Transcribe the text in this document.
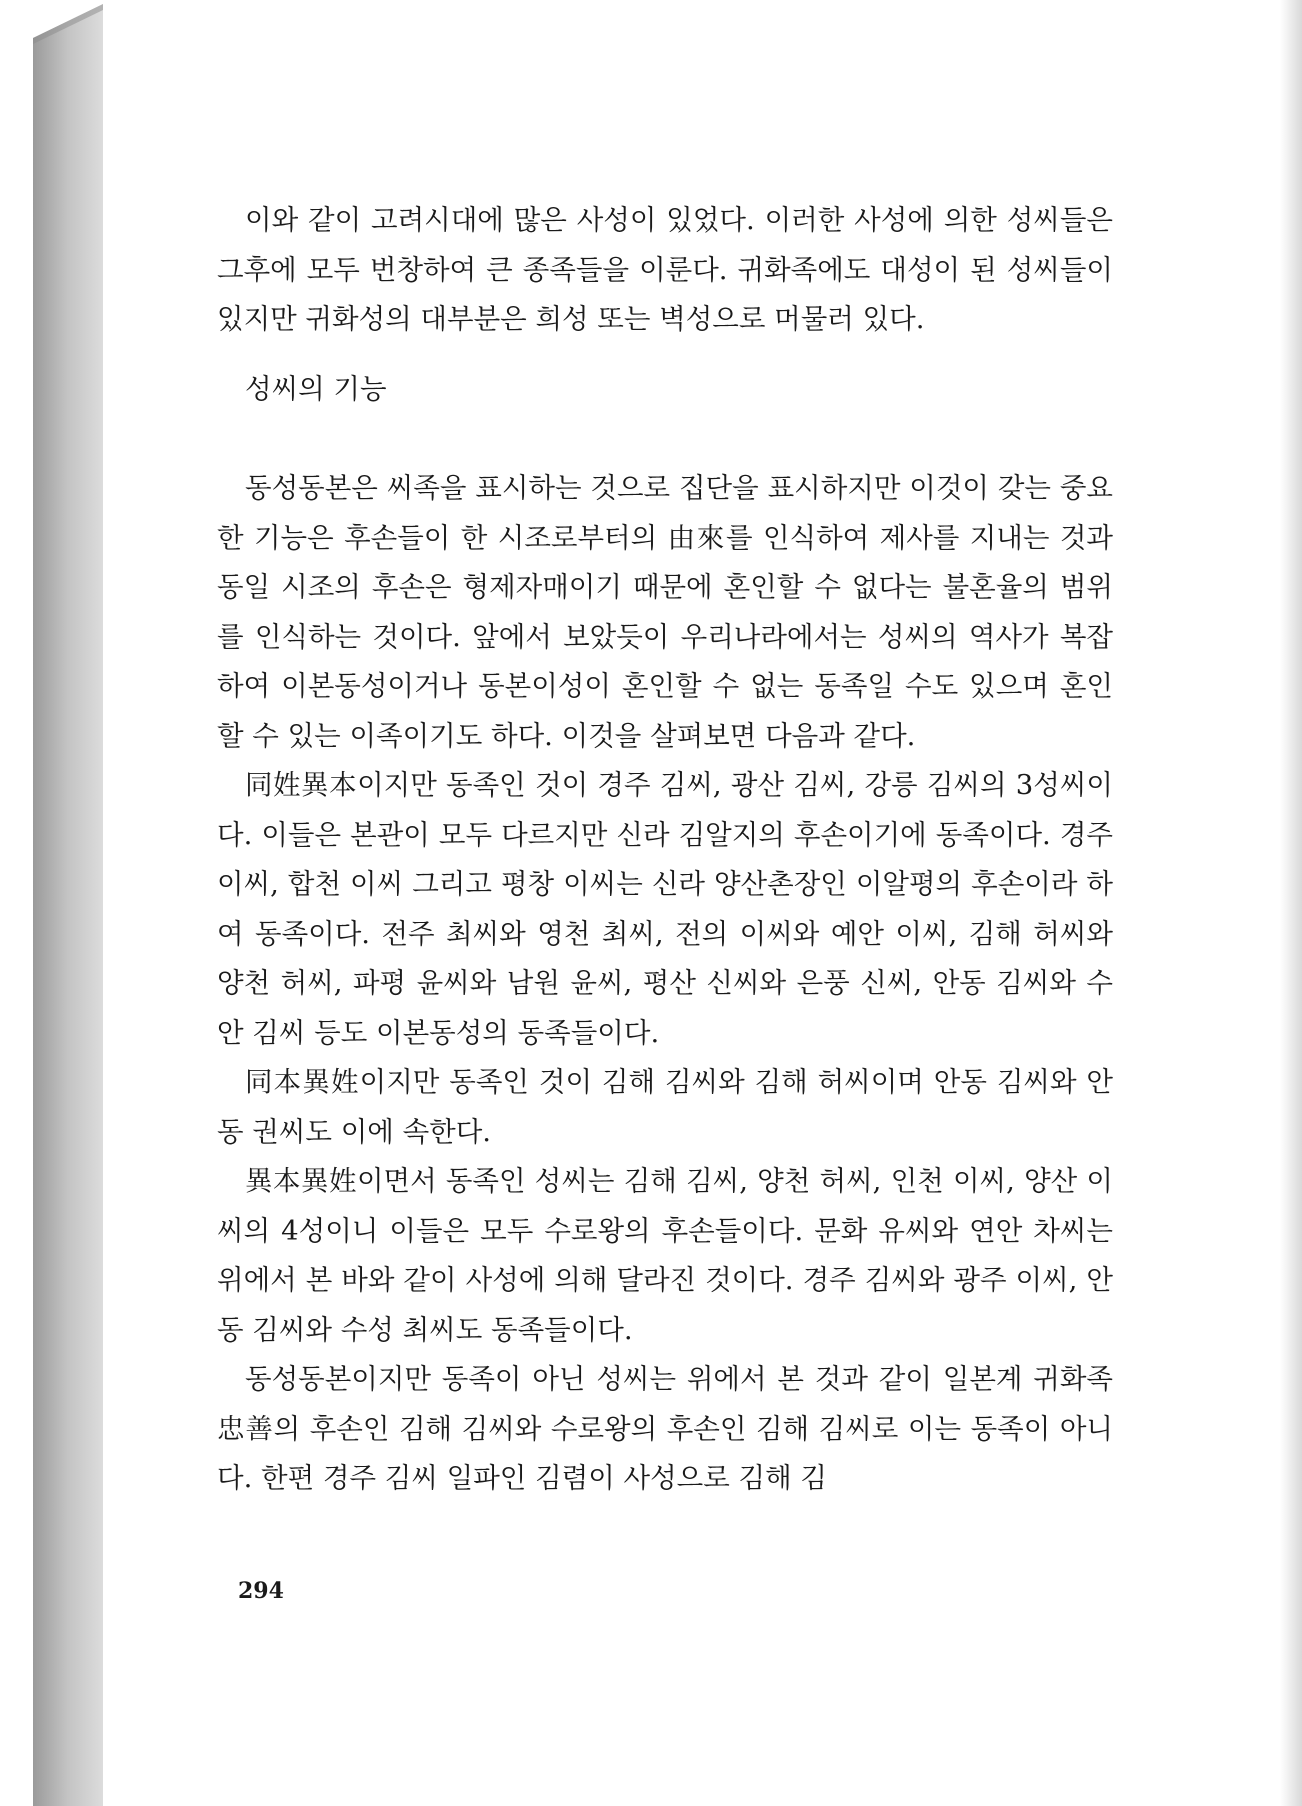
이와 같이 고려시대에 많은 사성이 있었다. 이러한 사성에 의한 성씨들은 그후에 모두 번창하여 큰 종족들을 이룬다. 귀화족에도 대성이 된 성씨들이 있지만 귀화성의 대부분은 희성 또는 벽성으로 머물러 있다.

성씨의 기능

동성동본은 씨족을 표시하는 것으로 집단을 표시하지만 이것이 갖는 중요한 기능은 후손들이 한 시조로부터의 由來를 인식하여 제사를 지내는 것과 동일 시조의 후손은 형제자매이기 때문에 혼인할 수 없다는 불혼율의 범위를 인식하는 것이다. 앞에서 보았듯이 우리나라에서는 성씨의 역사가 복잡하여 이본동성이거나 동본이성이 혼인할 수 없는 동족일 수도 있으며 혼인할 수 있는 이족이기도 하다. 이것을 살펴보면 다음과 같다.

同姓異本이지만 동족인 것이 경주 김씨, 광산 김씨, 강릉 김씨의 3성씨이다. 이들은 본관이 모두 다르지만 신라 김알지의 후손이기에 동족이다. 경주 이씨, 합천 이씨 그리고 평창 이씨는 신라 양산촌장인 이알평의 후손이라 하여 동족이다. 전주 최씨와 영천 최씨, 전의 이씨와 예안 이씨, 김해 허씨와 양천 허씨, 파평 윤씨와 남원 윤씨, 평산 신씨와 은풍 신씨, 안동 김씨와 수안 김씨 등도 이본동성의 동족들이다.

同本異姓이지만 동족인 것이 김해 김씨와 김해 허씨이며 안동 김씨와 안동 권씨도 이에 속한다.

異本異姓이면서 동족인 성씨는 김해 김씨, 양천 허씨, 인천 이씨, 양산 이씨의 4성이니 이들은 모두 수로왕의 후손들이다. 문화 유씨와 연안 차씨는 위에서 본 바와 같이 사성에 의해 달라진 것이다. 경주 김씨와 광주 이씨, 안동 김씨와 수성 최씨도 동족들이다.

동성동본이지만 동족이 아닌 성씨는 위에서 본 것과 같이 일본계 귀화족 忠善의 후손인 김해 김씨와 수로왕의 후손인 김해 김씨로 이는 동족이 아니다. 한편 경주 김씨 일파인 김렴이 사성으로 김해 김

294
